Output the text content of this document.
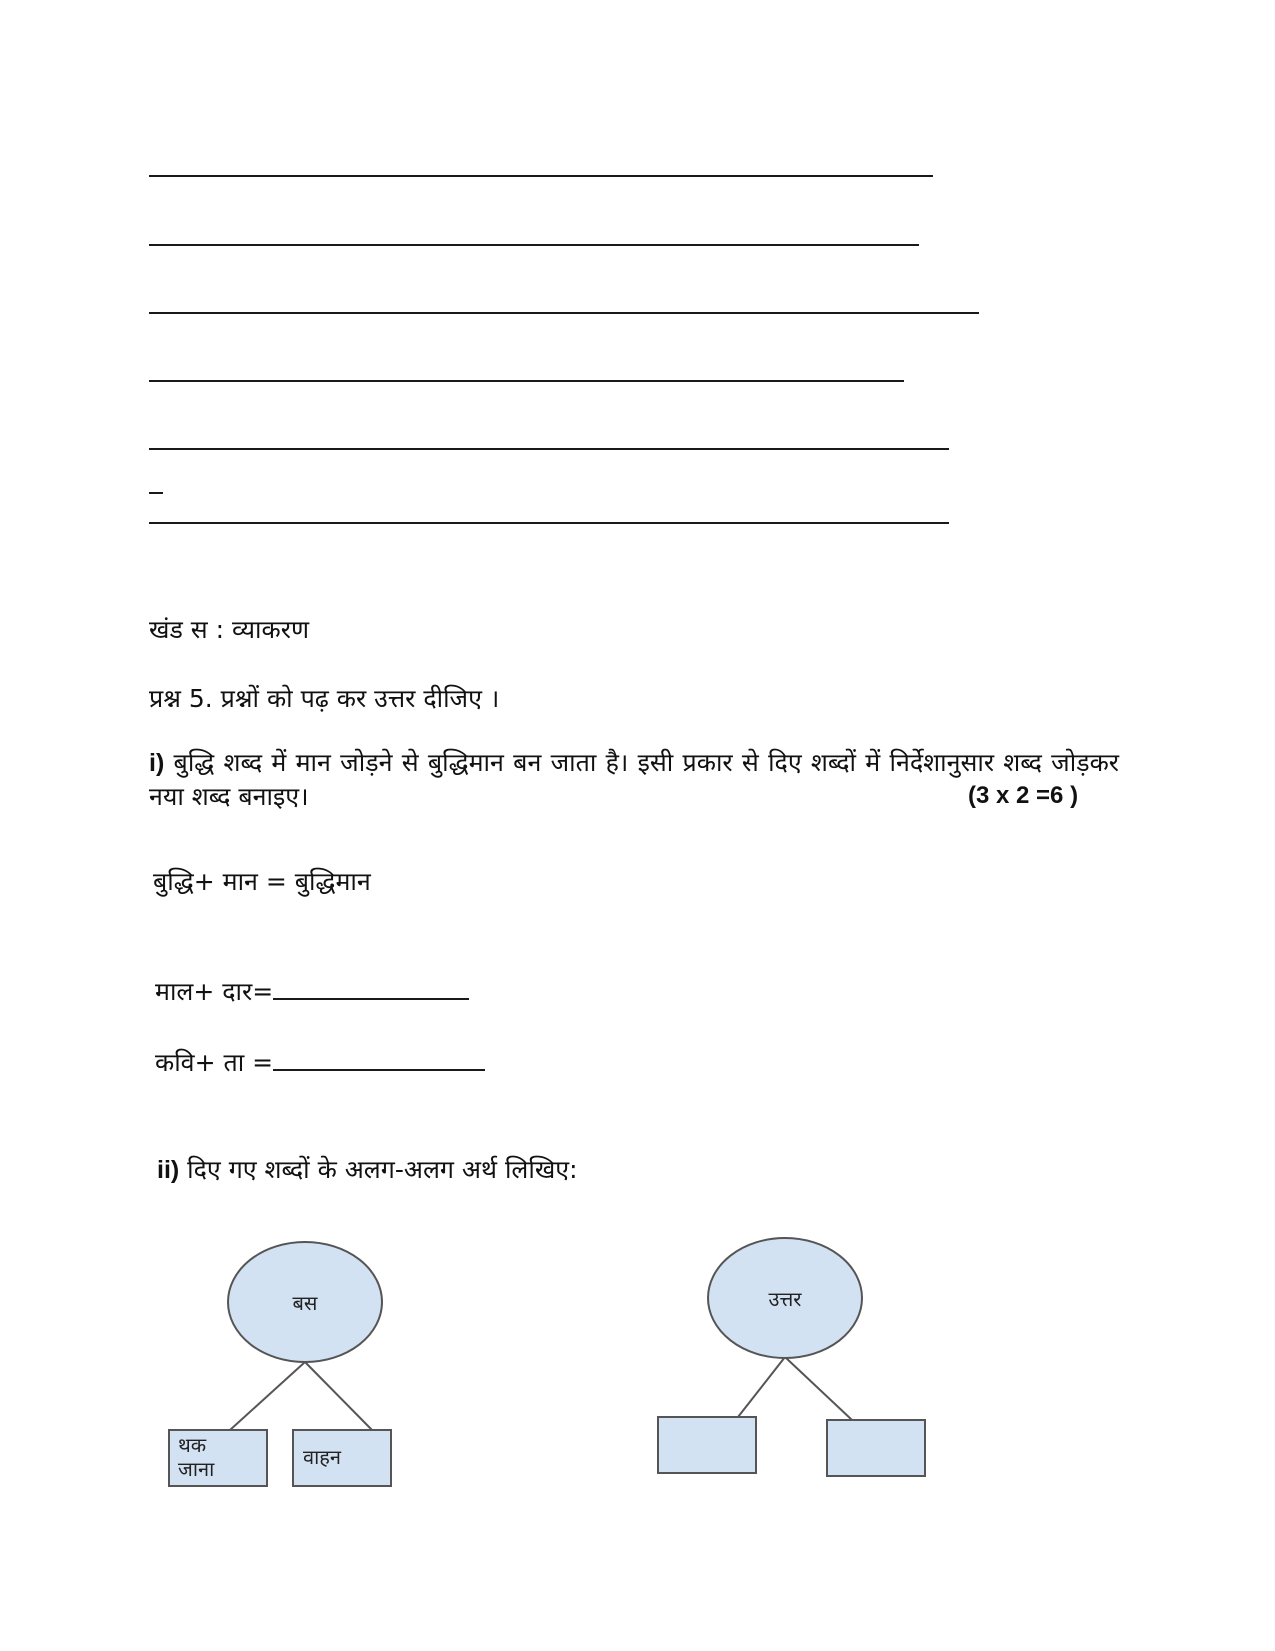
खंड स : व्याकरण
प्रश्न 5. प्रश्नों को पढ़ कर उत्तर दीजिए ।
i) बुद्धि शब्द में मान जोड़ने से बुद्धिमान बन जाता है। इसी प्रकार से दिए शब्दों में निर्देशानुसार शब्द जोड़कर नया शब्द बनाइए।	(3 x 2 =6 )
बुद्धि+ मान = बुद्धिमान
माल+ दार=
कवि+ ता =
ii) दिए गए शब्दों के अलग-अलग अर्थ लिखिए:
बस
थक
जाना	वाहन
उत्तर
